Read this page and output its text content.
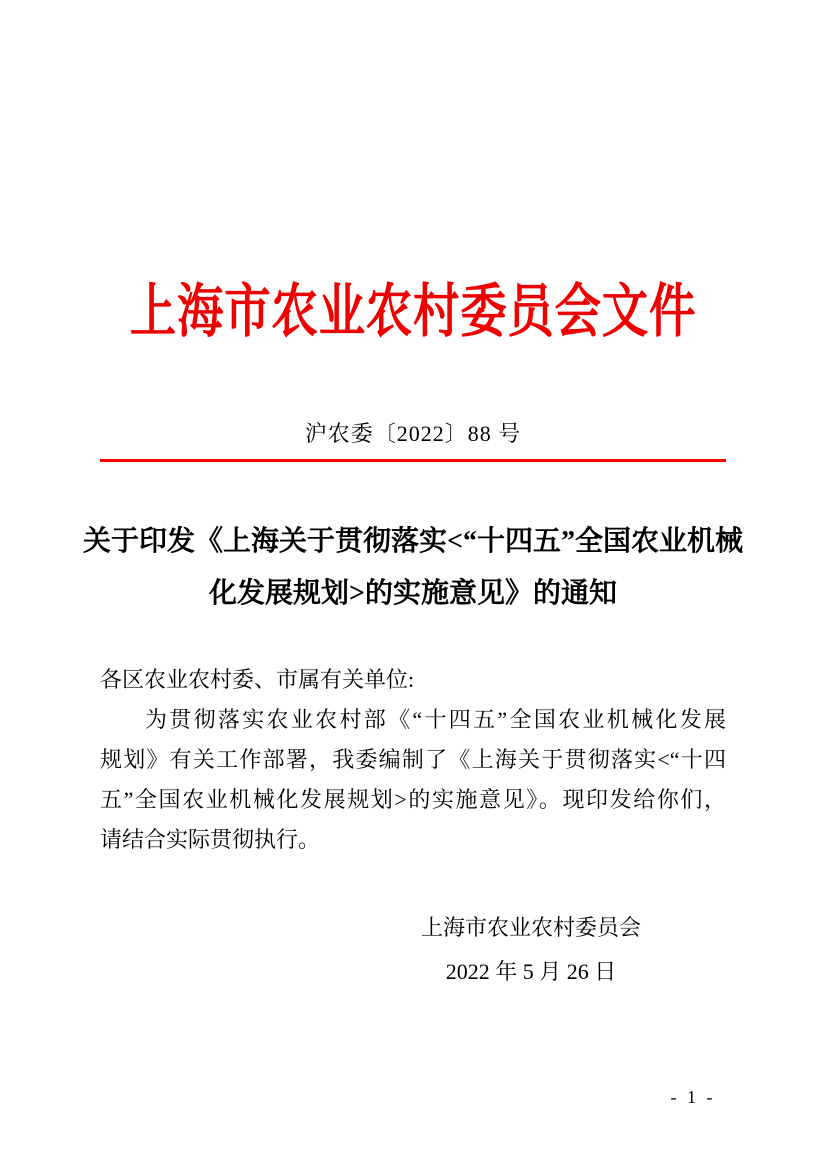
上海市农业农村委员会文件
沪农委〔2022〕88 号
关于印发《上海关于贯彻落实<“十四五”全国农业机械
化发展规划>的实施意见》的通知
各区农业农村委、市属有关单位:
为贯彻落实农业农村部《“十四五”全国农业机械化发展
规划》有关工作部署，我委编制了《上海关于贯彻落实<“十四
五”全国农业机械化发展规划>的实施意见》。现印发给你们，
请结合实际贯彻执行。
上海市农业农村委员会
2022 年 5 月 26 日
- 1 -
